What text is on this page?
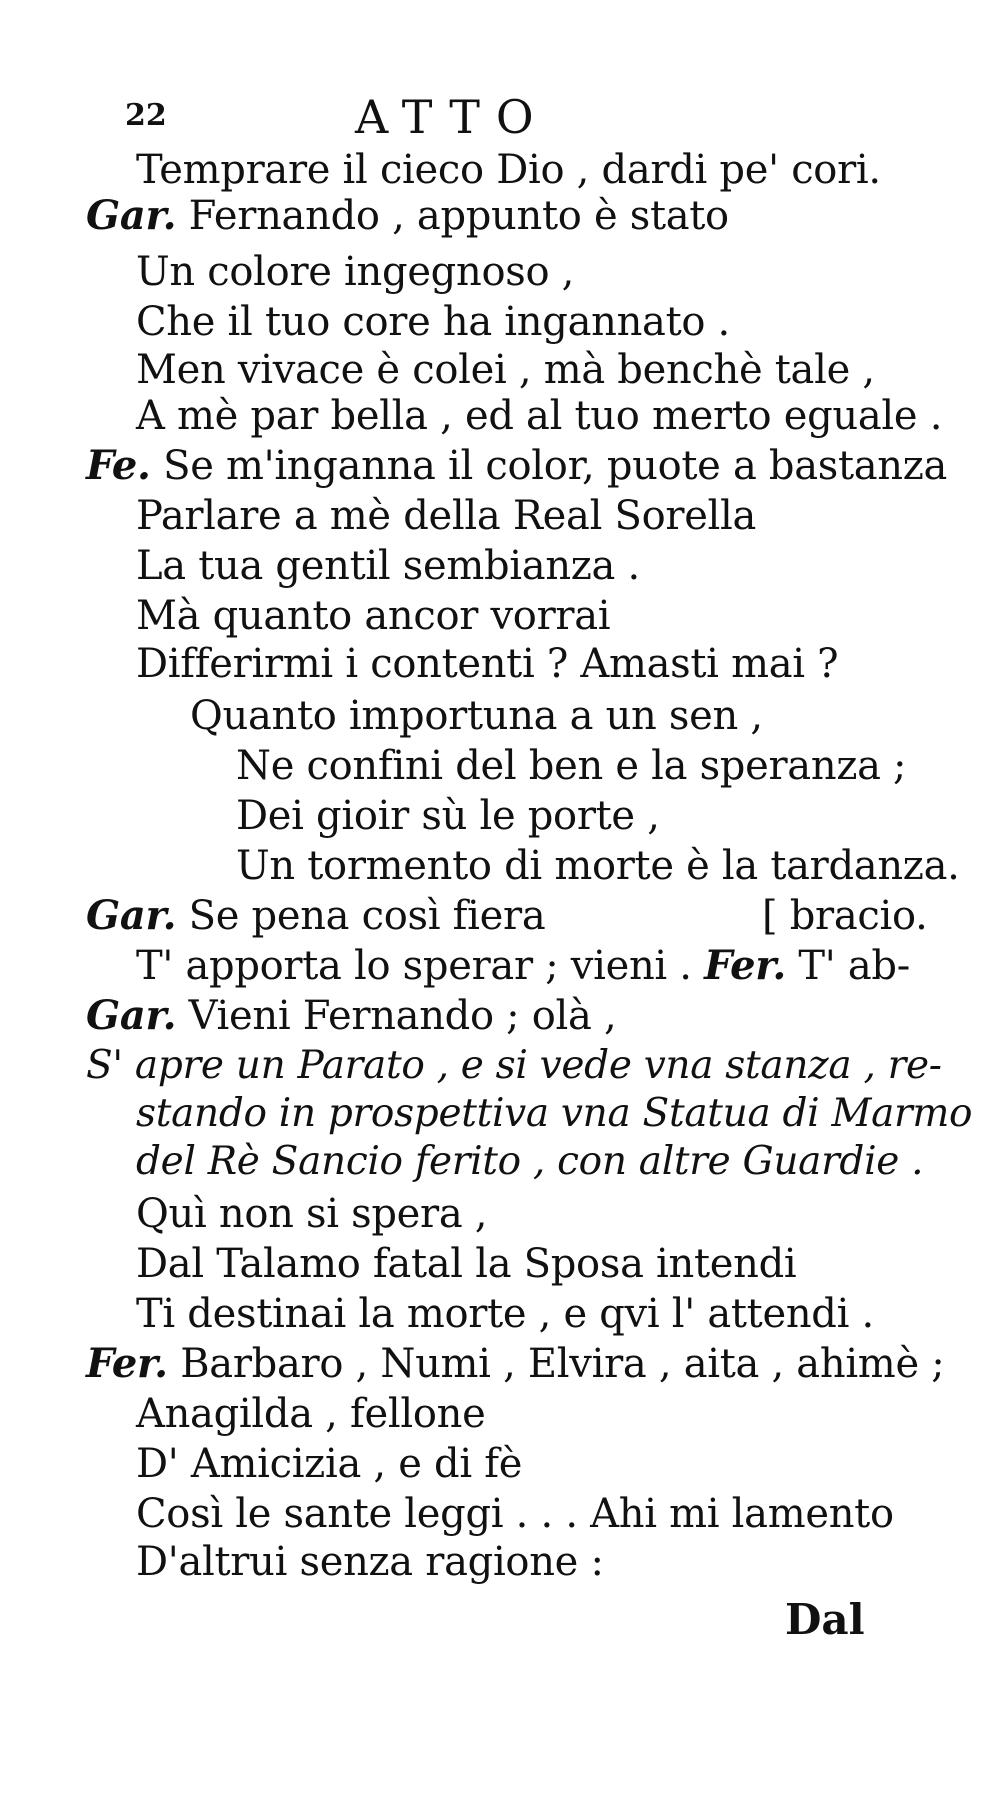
22	ATTO
Temprare il cieco Dio , dardi pe' cori.
Gar. Fernando , appunto è stato
Un colore ingegnoso ,
Che il tuo core ha ingannato .
Men vivace è colei , mà benchè tale ,
A mè par bella , ed al tuo merto eguale .
Fe. Se m'inganna il color, puote a bastanza
Parlare a mè della Real Sorella
La tua gentil sembianza .
Mà quanto ancor vorrai
Differirmi i contenti ? Amasti mai ?
Quanto importuna a un sen ,
Ne confini del ben e la speranza ;
Dei gioir sù le porte ,
Un tormento di morte è la tardanza.
Gar. Se pena così fiera	[ bracio.
T' apporta lo sperar ; vieni . Fer. T' ab-
Gar. Vieni Fernando ; olà ,
S' apre un Parato , e si vede vna stanza , re-
stando in prospettiva vna Statua di Marmo
del Rè Sancio ferito , con altre Guardie .
Quì non si spera ,
Dal Talamo fatal la Sposa intendi
Ti destinai la morte , e qvi l' attendi .
Fer. Barbaro , Numi , Elvira , aita , ahimè ;
Anagilda , fellone
D' Amicizia , e di fè
Così le sante leggi . . . Ahi mi lamento
D'altrui senza ragione :
Dal
